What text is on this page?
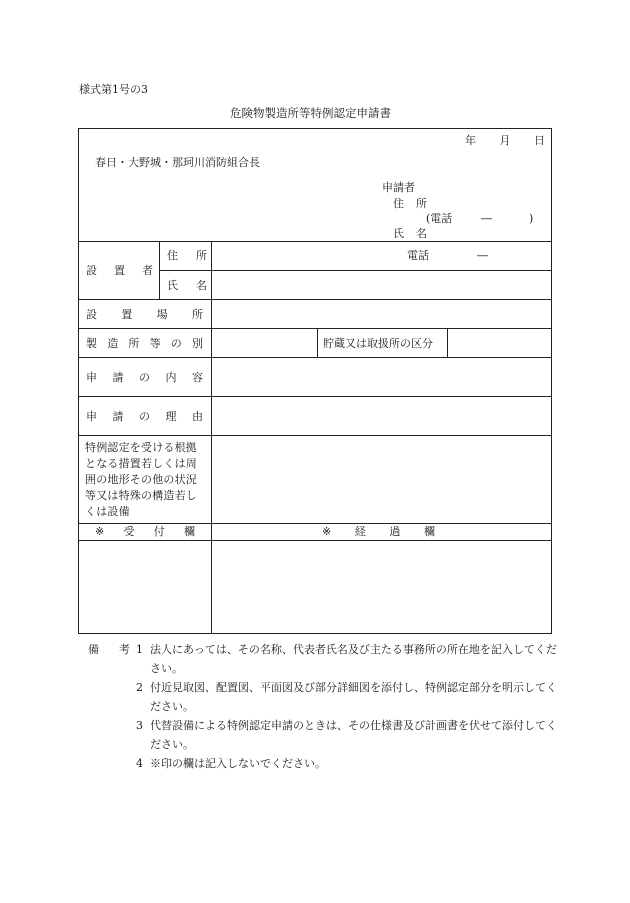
様式第1号の3
危険物製造所等特例認定申請書
年 月 日
春日・大野城・那珂川消防組合長
申請者
住 所
(電話	―	)
氏 名
設 置 者
住 所	電話	―
氏 名
設 置 場 所
製 造 所 等 の 別	貯蔵又は取扱所の区分
申 請 の 内 容
申 請 の 理 由
特例認定を受ける根拠となる措置若しくは周囲の地形その他の状況等又は特殊の構造若しくは設備
※ 受 付 欄	※ 経 過 欄
備 考 1 法人にあっては、その名称、代表者氏名及び主たる事務所の所在地を記入してください。
2 付近見取図、配置図、平面図及び部分詳細図を添付し、特例認定部分を明示してください。
3 代替設備による特例認定申請のときは、その仕様書及び計画書を伏せて添付してください。
4 ※印の欄は記入しないでください。
